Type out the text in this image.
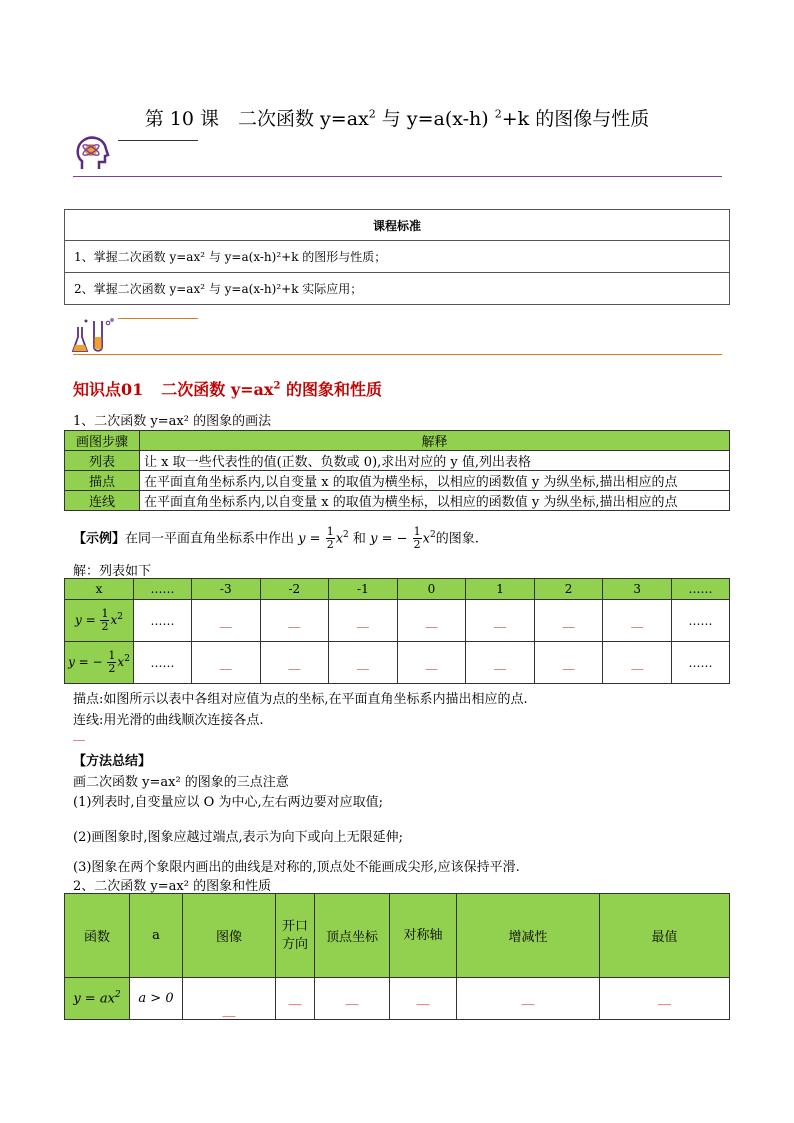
第 10 课　二次函数 $y=ax^2$ 与 y=a(x-h) $^2$+k 的图像与性质
课程标准
1、掌握二次函数 y=ax² 与 y=a(x-h)²+k 的图形与性质；
2、掌握二次函数 y=ax² 与 y=a(x-h)²+k 实际应用；
知识点01 二次函数 $y=ax^2$ 的图象和性质
1、二次函数 y=ax² 的图象的画法
画图步骤	解释
列表	让 x 取一些代表性的值(正数、负数或 0),求出对应的 y 值,列出表格
描点	在平面直角坐标系内,以自变量 x 的取值为横坐标，以相应的函数值 y 为纵坐标,描出相应的点
连线	在平面直角坐标系内,以自变量 x 的取值为横坐标，以相应的函数值 y 为纵坐标,描出相应的点
【示例】在同一平面直角坐标系中作出 $y = \frac{1}{2} x^2$ 和 y = − $\frac{1}{2} x^2$的图象.
解：列表如下
x	……	-3	-2	-1	0	1	2	3	……
$y = \frac{1}{2} x^2$	……	__	__	__	__	__	__	__	……
y = − $\frac{1}{2} x^2$	……	__	__	__	__	__	__	__	……
描点:如图所示以表中各组对应值为点的坐标,在平面直角坐标系内描出相应的点.
连线:用光滑的曲线顺次连接各点.
__
【方法总结】
画二次函数 y=ax² 的图象的三点注意
(1)列表时,自变量应以 O 为中心,左右两边要对应取值;
(2)画图象时,图象应越过端点,表示为向下或向上无限延伸;
(3)图象在两个象限内画出的曲线是对称的,顶点处不能画成尖形,应该保持平滑.
2、二次函数 y=ax² 的图象和性质
函数	a	图像	开口方向	顶点坐标	对称轴	增减性	最值
$y = ax^2$	a > 0	__	__	__	__	__	__
